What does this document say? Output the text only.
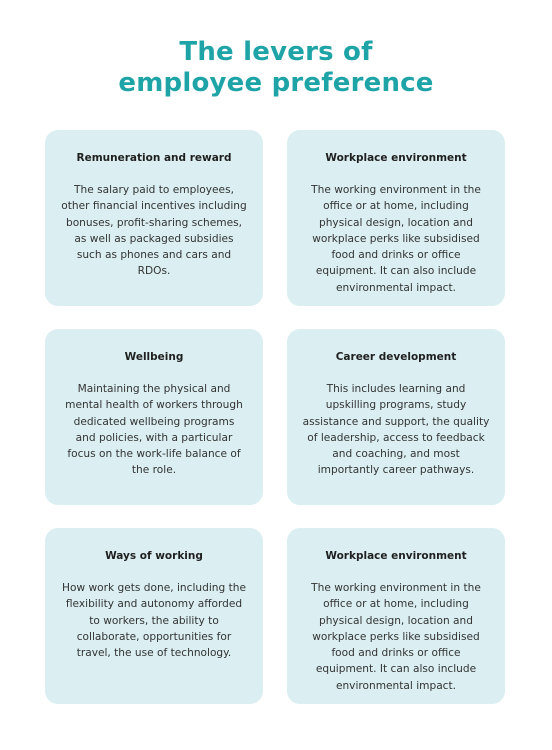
The levers of
employee preference
Remuneration and reward

The salary paid to employees, other financial incentives including bonuses, profit-sharing schemes, as well as packaged subsidies such as phones and cars and RDOs.

Workplace environment

The working environment in the office or at home, including physical design, location and workplace perks like subsidised food and drinks or office equipment. It can also include environmental impact.

Wellbeing

Maintaining the physical and mental health of workers through dedicated wellbeing programs and policies, with a particular focus on the work-life balance of the role.

Career development

This includes learning and upskilling programs, study assistance and support, the quality of leadership, access to feedback and coaching, and most importantly career pathways.

Ways of working

How work gets done, including the flexibility and autonomy afforded to workers, the ability to collaborate, opportunities for travel, the use of technology.

Workplace environment

The working environment in the office or at home, including physical design, location and workplace perks like subsidised food and drinks or office equipment. It can also include environmental impact.
